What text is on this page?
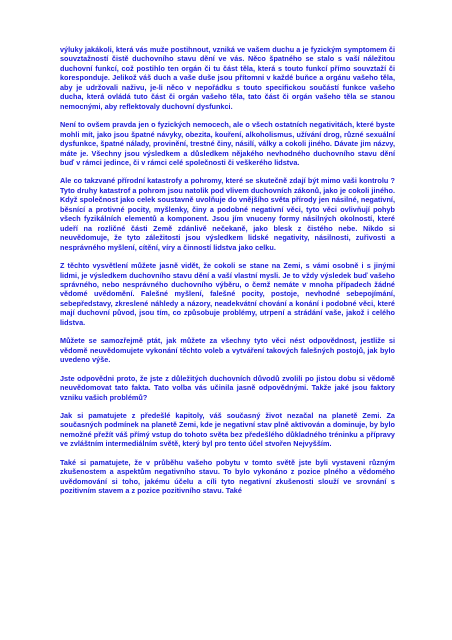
výluky jakákoli, která vás muže postihnout, vzniká ve vašem duchu a je fyzickým symptomem či souvztažností čistě duchovního stavu dění ve vás. Něco špatného se stalo s vaší náležitou duchovní funkcí, což postihlo ten orgán či tu část těla, která s touto funkcí přímo souvztaží či koresponduje. Jelikož váš duch a vaše duše jsou přítomni v každé buňce a orgánu vašeho těla, aby je udržovali naživu, je-li něco v nepořádku s touto specifickou součástí funkce vašeho ducha, která ovládá tuto část či orgán vašeho těla, tato část či orgán vašeho těla se stanou nemocnými, aby reflektovaly duchovní dysfunkci.

Není to ovšem pravda jen o fyzických nemocech, ale o všech ostatních negativitách, které byste mohli mít, jako jsou špatné návyky, obezita, kouření, alkoholismus, užívání drog, různé sexuální dysfunkce, špatné nálady, provinění, trestné činy, násilí, války a cokoli jiného. Dávate jim názvy, máte je. Všechny jsou výsledkem a důsledkem nějakého nevhodného duchovního stavu dění buď v rámci jedince, či v rámci celé společnosti či veškerého lidstva.

Ale co takzvané přírodní katastrofy a pohromy, které se skutečně zdají být mimo vaši kontrolu ? Tyto druhy katastrof a pohrom jsou natolik pod vlivem duchovních zákonů, jako je cokoli jiného. Když společnost jako celek soustavně uvolňuje do vnějšího světa přírody jen násilné, negativní, běsnící a protivné pocity, myšlenky, činy a podobné negativní věci, tyto věci ovlivňují pohyb všech fyzikálních elementů a komponent. Jsou jím vnuceny formy násilných okolností, které udeří na rozličné části Země zdánlivě nečekaně, jako blesk z čistého nebe. Nikdo si neuvědomuje, že tyto záležitosti jsou výsledkem lidské negativity, násilnosti, zuřivosti a nesprávného myšlení, cítění, víry a činností lidstva jako celku.

Z těchto vysvětlení můžete jasně vidět, že cokoli se stane na Zemi, s vámi osobně i s jinými lidmi, je výsledkem duchovního stavu dění a vaší vlastní mysli. Je to vždy výsledek buď vašeho správného, nebo nesprávného duchovního výběru, o čemž nemáte v mnoha případech žádné vědomé uvědomění. Falešné myšlení, falešné pocity, postoje, nevhodné sebepojímání, sebepředstavy, zkreslené náhledy a názory, neadekvátní chování a konání i podobné věci, které mají duchovní původ, jsou tím, co způsobuje problémy, utrpení a strádání vaše, jakož i celého lidstva.

Můžete se samozřejmě ptát, jak můžete za všechny tyto věci nést odpovědnost, jestliže si vědomě neuvědomujete vykonání těchto voleb a vytváření takových falešných postojů, jak bylo uvedeno výše.

Jste odpovědni proto, že jste z důležitých duchovních důvodů zvolili po jistou dobu si vědomě neuvědomovat tato fakta. Tato volba vás učinila jasně odpovědnými. Takže jaké jsou faktory vzniku vašich problémů?

Jak si pamatujete z předešlé kapitoly, váš současný život nezačal na planetě Zemi. Za současných podmínek na planetě Zemi, kde je negativní stav plně aktivován a dominuje, by bylo nemožné přežít váš přímý vstup do tohoto světa bez předešlého důkladného tréninku a přípravy ve zvláštním intermediálním světě, který byl pro tento účel stvořen Nejvyšším.

Také si pamatujete, že v průběhu vašeho pobytu v tomto světě jste byli vystaveni různým zkušenostem a aspektům negativního stavu. To bylo vykonáno z pozice plného a vědomého uvědomování si toho, jakému účelu a cíli tyto negativní zkušenosti slouží ve srovnání s pozitivním stavem a z pozice pozitivního stavu. Také
